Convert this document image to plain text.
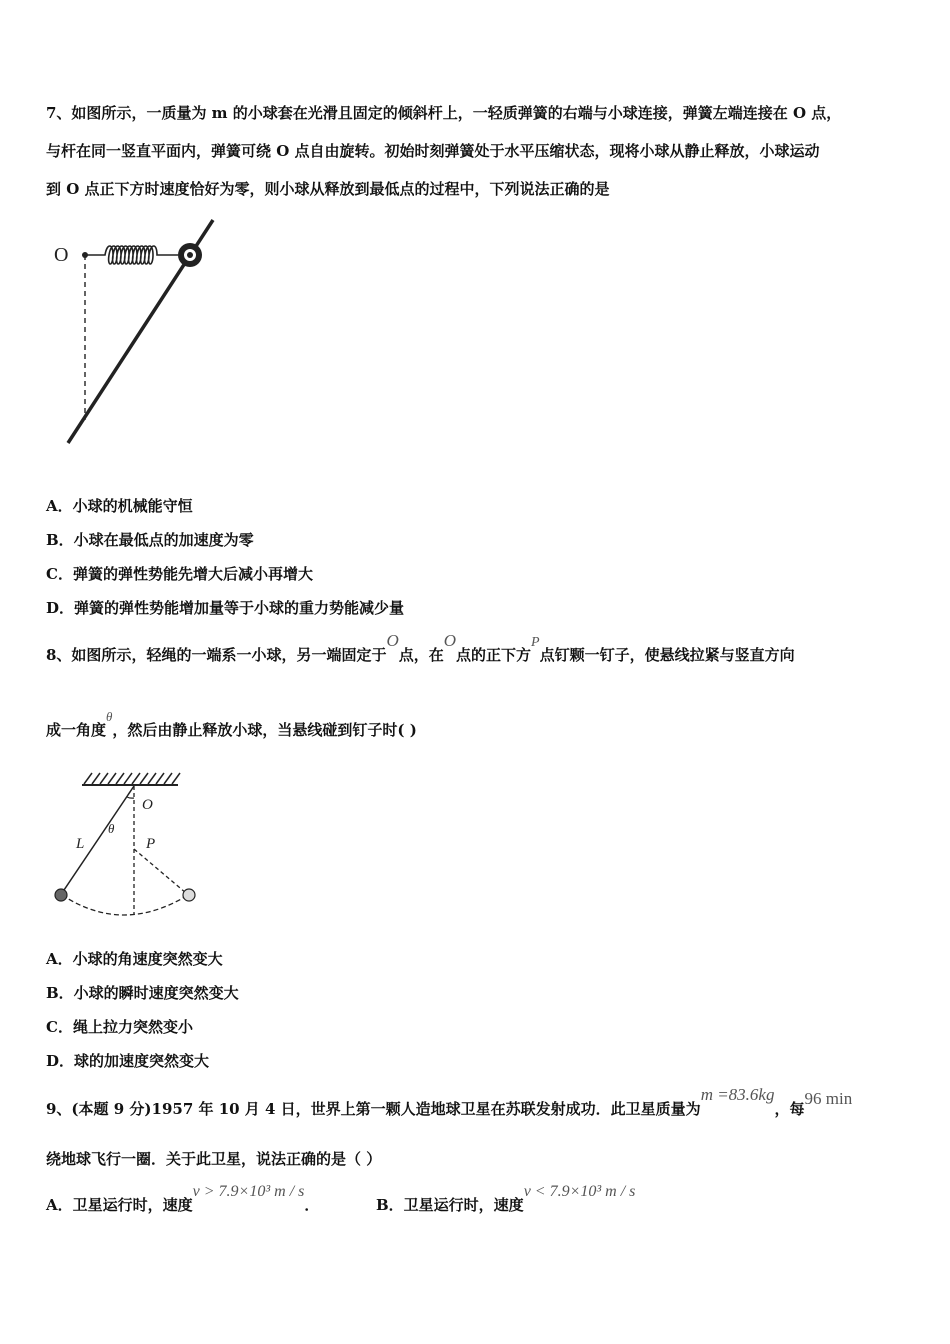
7、如图所示，一质量为 m 的小球套在光滑且固定的倾斜杆上，一轻质弹簧的右端与小球连接，弹簧左端连接在 O 点，
与杆在同一竖直平面内，弹簧可绕 O 点自由旋转。初始时刻弹簧处于水平压缩状态，现将小球从静止释放，小球运动
到 O 点正下方时速度恰好为零，则小球从释放到最低点的过程中，下列说法正确的是
O
A．小球的机械能守恒
B．小球在最低点的加速度为零
C．弹簧的弹性势能先增大后减小再增大
D．弹簧的弹性势能增加量等于小球的重力势能减少量
8、如图所示，轻绳的一端系一小球，另一端固定于O点，在O点的正下方P点钉颗一钉子，使悬线拉紧与竖直方向
成一角度θ，然后由静止释放小球，当悬线碰到钉子时( )
O
L
θ
P
A．小球的角速度突然变大
B．小球的瞬时速度突然变大
C．绳上拉力突然变小
D．球的加速度突然变大
9、(本题 9 分)1957 年 10 月 4 日，世界上第一颗人造地球卫星在苏联发射成功．此卫星质量为m =83.6kg，每96 min
绕地球飞行一圈．关于此卫星，说法正确的是（ ）
A．卫星运行时，速度v > 7.9×10³ m / s．	B．卫星运行时，速度v < 7.9×10³ m / s
